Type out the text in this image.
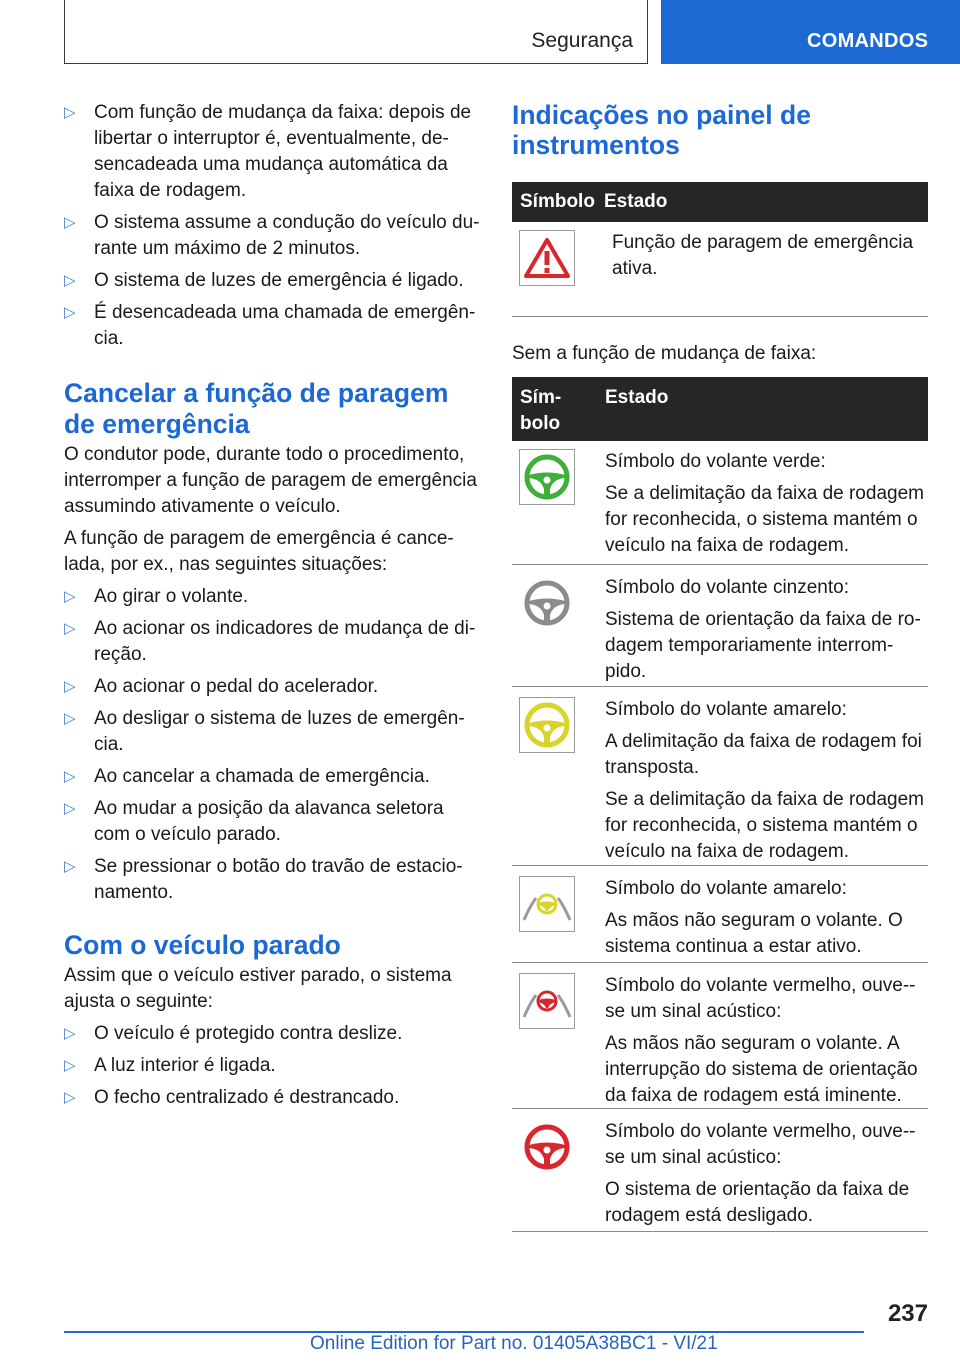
Segurança	COMANDOS
▷ Com função de mudança da faixa: depois de libertar o interruptor é, eventualmente, de-sencadeada uma mudança automática da faixa de rodagem.
▷ O sistema assume a condução do veículo du-rante um máximo de 2 minutos.
▷ O sistema de luzes de emergência é ligado.
▷ É desencadeada uma chamada de emergên-cia.
Cancelar a função de paragem de emergência

O condutor pode, durante todo o procedimento, interromper a função de paragem de emergência assumindo ativamente o veículo.

A função de paragem de emergência é cance-lada, por ex., nas seguintes situações:

▷ Ao girar o volante.
▷ Ao acionar os indicadores de mudança de di-reção.
▷ Ao acionar o pedal do acelerador.
▷ Ao desligar o sistema de luzes de emergên-cia.
▷ Ao cancelar a chamada de emergência.
▷ Ao mudar a posição da alavanca seletora com o veículo parado.
▷ Se pressionar o botão do travão de estacio-namento.
Com o veículo parado

Assim que o veículo estiver parado, o sistema ajusta o seguinte:

▷ O veículo é protegido contra deslize.
▷ A luz interior é ligada.
▷ O fecho centralizado é destrancado.
Indicações no painel de instrumentos
Símbolo Estado

Função de paragem de emergência ativa.

Sem a função de mudança de faixa:

Sím-
bolo
Estado

Símbolo do volante verde:

Se a delimitação da faixa de rodagem for reconhecida, o sistema mantém o veículo na faixa de rodagem.

Símbolo do volante cinzento:

Sistema de orientação da faixa de ro-dagem temporariamente interrom-pido.

Símbolo do volante amarelo:

A delimitação da faixa de rodagem foi transposta.

Se a delimitação da faixa de rodagem for reconhecida, o sistema mantém o veículo na faixa de rodagem.

Símbolo do volante amarelo:

As mãos não seguram o volante. O sistema continua a estar ativo.

Símbolo do volante vermelho, ouve--se um sinal acústico:

As mãos não seguram o volante. A interrupção do sistema de orientação da faixa de rodagem está iminente.

Símbolo do volante vermelho, ouve--se um sinal acústico:

O sistema de orientação da faixa de rodagem está desligado.

237
Online Edition for Part no. 01405A38BC1 - VI/21
